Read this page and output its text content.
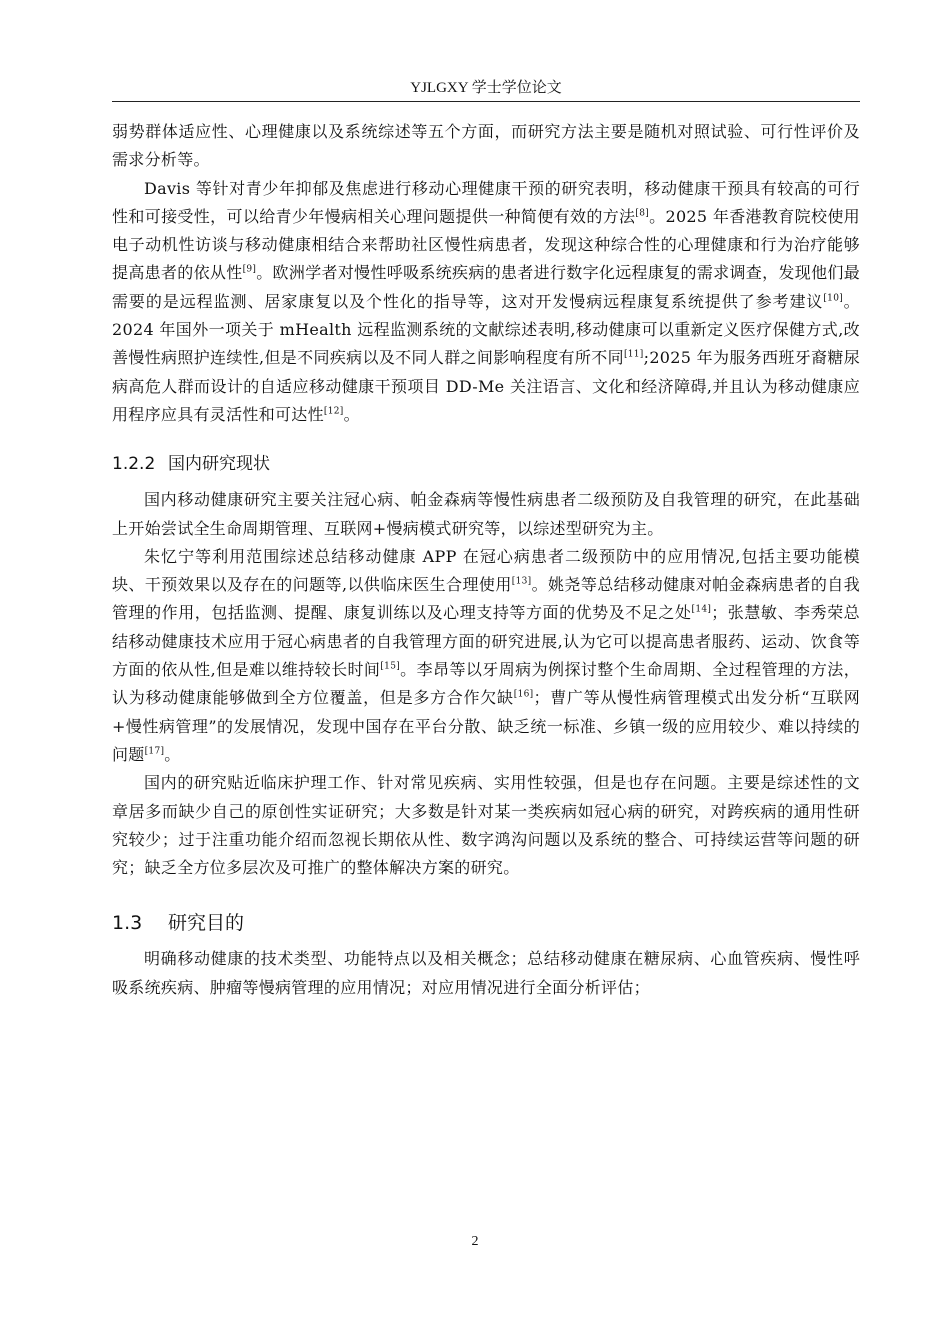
YJLGXY 学士学位论文

弱势群体适应性、心理健康以及系统综述等五个方面，而研究方法主要是随机对照试验、可行性评价及需求分析等。

Davis 等针对青少年抑郁及焦虑进行移动心理健康干预的研究表明，移动健康干预具有较高的可行性和可接受性，可以给青少年慢病相关心理问题提供一种简便有效的方法[8]。2025 年香港教育院校使用电子动机性访谈与移动健康相结合来帮助社区慢性病患者，发现这种综合性的心理健康和行为治疗能够提高患者的依从性[9]。欧洲学者对慢性呼吸系统疾病的患者进行数字化远程康复的需求调查，发现他们最需要的是远程监测、居家康复以及个性化的指导等，这对开发慢病远程康复系统提供了参考建议[10]。2024 年国外一项关于 mHealth 远程监测系统的文献综述表明,移动健康可以重新定义医疗保健方式,改善慢性病照护连续性,但是不同疾病以及不同人群之间影响程度有所不同[11];2025 年为服务西班牙裔糖尿病高危人群而设计的自适应移动健康干预项目 DD-Me 关注语言、文化和经济障碍,并且认为移动健康应用程序应具有灵活性和可达性[12]。

1.2.2 国内研究现状

国内移动健康研究主要关注冠心病、帕金森病等慢性病患者二级预防及自我管理的研究，在此基础上开始尝试全生命周期管理、互联网+慢病模式研究等，以综述型研究为主。

朱忆宁等利用范围综述总结移动健康 APP 在冠心病患者二级预防中的应用情况,包括主要功能模块、干预效果以及存在的问题等,以供临床医生合理使用[13]。姚尧等总结移动健康对帕金森病患者的自我管理的作用，包括监测、提醒、康复训练以及心理支持等方面的优势及不足之处[14]；张慧敏、李秀荣总结移动健康技术应用于冠心病患者的自我管理方面的研究进展,认为它可以提高患者服药、运动、饮食等方面的依从性,但是难以维持较长时间[15]。李昂等以牙周病为例探讨整个生命周期、全过程管理的方法，认为移动健康能够做到全方位覆盖，但是多方合作欠缺[16]；曹广等从慢性病管理模式出发分析“互联网+慢性病管理”的发展情况，发现中国存在平台分散、缺乏统一标准、乡镇一级的应用较少、难以持续的问题[17]。

国内的研究贴近临床护理工作、针对常见疾病、实用性较强，但是也存在问题。主要是综述性的文章居多而缺少自己的原创性实证研究；大多数是针对某一类疾病如冠心病的研究，对跨疾病的通用性研究较少；过于注重功能介绍而忽视长期依从性、数字鸿沟问题以及系统的整合、可持续运营等问题的研究；缺乏全方位多层次及可推广的整体解决方案的研究。

1.3 研究目的

明确移动健康的技术类型、功能特点以及相关概念；总结移动健康在糖尿病、心血管疾病、慢性呼吸系统疾病、肿瘤等慢病管理的应用情况；对应用情况进行全面分析评估；

2
